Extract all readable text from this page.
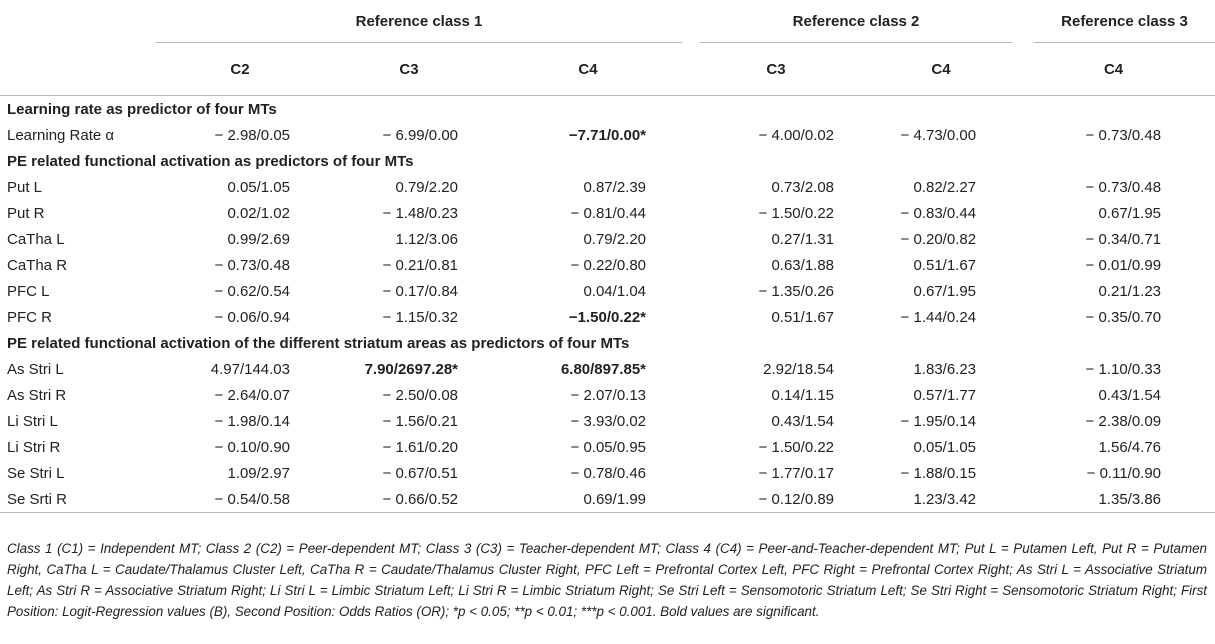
	Reference class 1				Reference class 2			Reference class 3
	C2	C3	C4	C3		C4	C4	
Learning rate as predictor of four MTs								
Learning Rate α	− 2.98/0.05	− 6.99/0.00	−7.71/0.00*	− 4.00/0.02		− 4.73/0.00	− 0.73/0.48	
PE related functional activation as predictors of four MTs								
Put L	0.05/1.05	0.79/2.20	0.87/2.39	0.73/2.08		0.82/2.27	− 0.73/0.48	
Put R	0.02/1.02	− 1.48/0.23	− 0.81/0.44	− 1.50/0.22		− 0.83/0.44	0.67/1.95	
CaTha L	0.99/2.69	1.12/3.06	0.79/2.20	0.27/1.31		− 0.20/0.82	− 0.34/0.71	
CaTha R	− 0.73/0.48	− 0.21/0.81	− 0.22/0.80	0.63/1.88		0.51/1.67	− 0.01/0.99	
PFC L	− 0.62/0.54	− 0.17/0.84	0.04/1.04	− 1.35/0.26		0.67/1.95	0.21/1.23	
PFC R	− 0.06/0.94	− 1.15/0.32	−1.50/0.22*	0.51/1.67		− 1.44/0.24	− 0.35/0.70	
PE related functional activation of the different striatum areas as predictors of four MTs								
As Stri L	4.97/144.03	7.90/2697.28*	6.80/897.85*	2.92/18.54		1.83/6.23	− 1.10/0.33	
As Stri R	− 2.64/0.07	− 2.50/0.08	− 2.07/0.13	0.14/1.15		0.57/1.77	0.43/1.54	
Li Stri L	− 1.98/0.14	− 1.56/0.21	− 3.93/0.02	0.43/1.54		− 1.95/0.14	− 2.38/0.09	
Li Stri R	− 0.10/0.90	− 1.61/0.20	− 0.05/0.95	− 1.50/0.22		0.05/1.05	1.56/4.76	
Se Stri L	1.09/2.97	− 0.67/0.51	− 0.78/0.46	− 1.77/0.17		− 1.88/0.15	− 0.11/0.90	
Se Srti R	− 0.54/0.58	− 0.66/0.52	0.69/1.99	− 0.12/0.89		1.23/3.42	1.35/3.86	

Class 1 (C1) = Independent MT; Class 2 (C2) = Peer-dependent MT; Class 3 (C3) = Teacher-dependent MT; Class 4 (C4) = Peer-and-Teacher-dependent MT; Put L = Putamen Left, Put R = Putamen Right, CaTha L = Caudate/Thalamus Cluster Left, CaTha R = Caudate/Thalamus Cluster Right, PFC Left = Prefrontal Cortex Left, PFC Right = Prefrontal Cortex Right; As Stri L = Associative Striatum Left; As Stri R = Associative Striatum Right; Li Stri L = Limbic Striatum Left; Li Stri R = Limbic Striatum Right; Se Stri Left = Sensomotoric Striatum Left; Se Stri Right = Sensomotoric Striatum Right; First Position: Logit-Regression values (B), Second Position: Odds Ratios (OR); *p < 0.05; **p < 0.01; ***p < 0.001. Bold values are significant.
